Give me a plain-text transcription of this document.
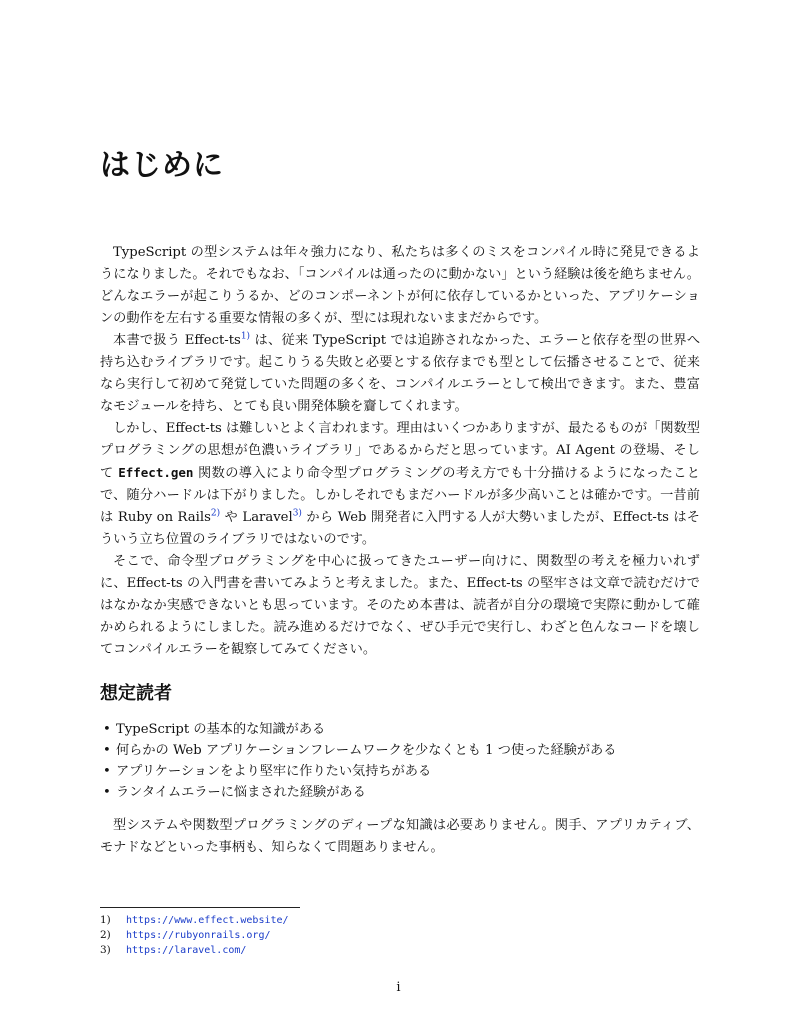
はじめに

TypeScript の型システムは年々強力になり、私たちは多くのミスをコンパイル時に発見できるようになりました。それでもなお、「コンパイルは通ったのに動かない」という経験は後を絶ちません。どんなエラーが起こりうるか、どのコンポーネントが何に依存しているかといった、アプリケーションの動作を左右する重要な情報の多くが、型には現れないままだからです。

本書で扱う Effect-$ts^{1)}$ は、従来 TypeScript では追跡されなかった、エラーと依存を型の世界へ持ち込むライブラリです。起こりうる失敗と必要とする依存までも型として伝播させることで、従来なら実行して初めて発覚していた問題の多くを、コンパイルエラーとして検出できます。また、豊富なモジュールを持ち、とても良い開発体験を齎してくれます。

しかし、Effect-ts は難しいとよく言われます。理由はいくつかありますが、最たるものが「関数型プログラミングの思想が色濃いライブラリ」であるからだと思っています。AI Agent の登場、そして Effect.gen 関数の導入により命令型プログラミングの考え方でも十分描けるようになったことで、随分ハードルは下がりました。しかしそれでもまだハードルが多少高いことは確かです。一昔前は Ruby on Rails$^{2)}$ や Laravel$^{3)}$ から Web 開発者に入門する人が大勢いましたが、Effect-ts はそういう立ち位置のライブラリではないのです。

そこで、命令型プログラミングを中心に扱ってきたユーザー向けに、関数型の考えを極力いれずに、Effect-ts の入門書を書いてみようと考えました。また、Effect-ts の堅牢さは文章で読むだけではなかなか実感できないとも思っています。そのため本書は、読者が自分の環境で実際に動かして確かめられるようにしました。読み進めるだけでなく、ぜひ手元で実行し、わざと色んなコードを壊してコンパイルエラーを観察してみてください。

想定読者
• TypeScript の基本的な知識がある
• 何らかの Web アプリケーションフレームワークを少なくとも 1 つ使った経験がある
• アプリケーションをより堅牢に作りたい気持ちがある
• ランタイムエラーに悩まされた経験がある

型システムや関数型プログラミングのディープな知識は必要ありません。関手、アプリカティブ、モナドなどといった事柄も、知らなくて問題ありません。

1)	https://www.effect.website/
2)	https://rubyonrails.org/
3)	https://laravel.com/
i
